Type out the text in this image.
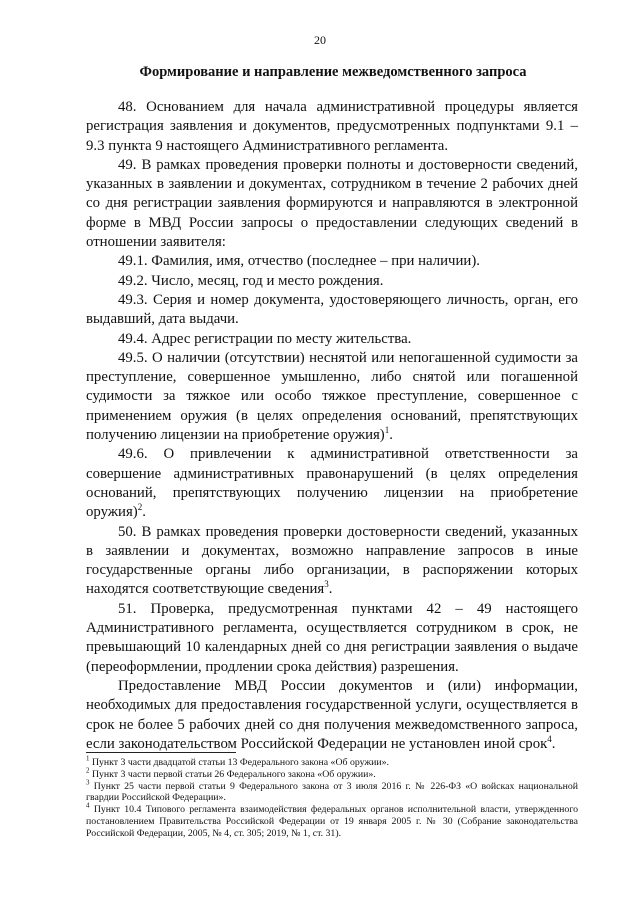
20
Формирование и направление межведомственного запроса

48. Основанием для начала административной процедуры является регистрация заявления и документов, предусмотренных подпунктами 9.1 – 9.3 пункта 9 настоящего Административного регламента.

49. В рамках проведения проверки полноты и достоверности сведений, указанных в заявлении и документах, сотрудником в течение 2 рабочих дней со дня регистрации заявления формируются и направляются в электронной форме в МВД России запросы о предоставлении следующих сведений в отношении заявителя:

49.1. Фамилия, имя, отчество (последнее – при наличии).

49.2. Число, месяц, год и место рождения.

49.3. Серия и номер документа, удостоверяющего личность, орган, его выдавший, дата выдачи.

49.4. Адрес регистрации по месту жительства.

49.5. О наличии (отсутствии) неснятой или непогашенной судимости за преступление, совершенное умышленно, либо снятой или погашенной судимости за тяжкое или особо тяжкое преступление, совершенное с применением оружия (в целях определения оснований, препятствующих получению лицензии на приобретение оружия)$^1$.

49.6. О привлечении к административной ответственности за совершение административных правонарушений (в целях определения оснований, препятствующих получению лицензии на приобретение оружия)$^2$.

50. В рамках проведения проверки достоверности сведений, указанных в заявлении и документах, возможно направление запросов в иные государственные органы либо организации, в распоряжении которых находятся соответствующие сведения$^3$.

51. Проверка, предусмотренная пунктами 42 – 49 настоящего Административного регламента, осуществляется сотрудником в срок, не превышающий 10 календарных дней со дня регистрации заявления о выдаче (переоформлении, продлении срока действия) разрешения.

Предоставление МВД России документов и (или) информации, необходимых для предоставления государственной услуги, осуществляется в срок не более 5 рабочих дней со дня получения межведомственного запроса, если законодательством Российской Федерации не установлен иной срок$^4$.

$^1$ Пункт 3 части двадцатой статьи 13 Федерального закона «Об оружии».

$^2$ Пункт 3 части первой статьи 26 Федерального закона «Об оружии».

$^3$ Пункт 25 части первой статьи 9 Федерального закона от 3 июля 2016 г. № 226-ФЗ «О войсках национальной гвардии Российской Федерации».

$^4$ Пункт 10.4 Типового регламента взаимодействия федеральных органов исполнительной власти, утвержденного постановлением Правительства Российской Федерации от 19 января 2005 г. № 30 (Собрание законодательства Российской Федерации, 2005, № 4, ст. 305; 2019, № 1, ст. 31).
